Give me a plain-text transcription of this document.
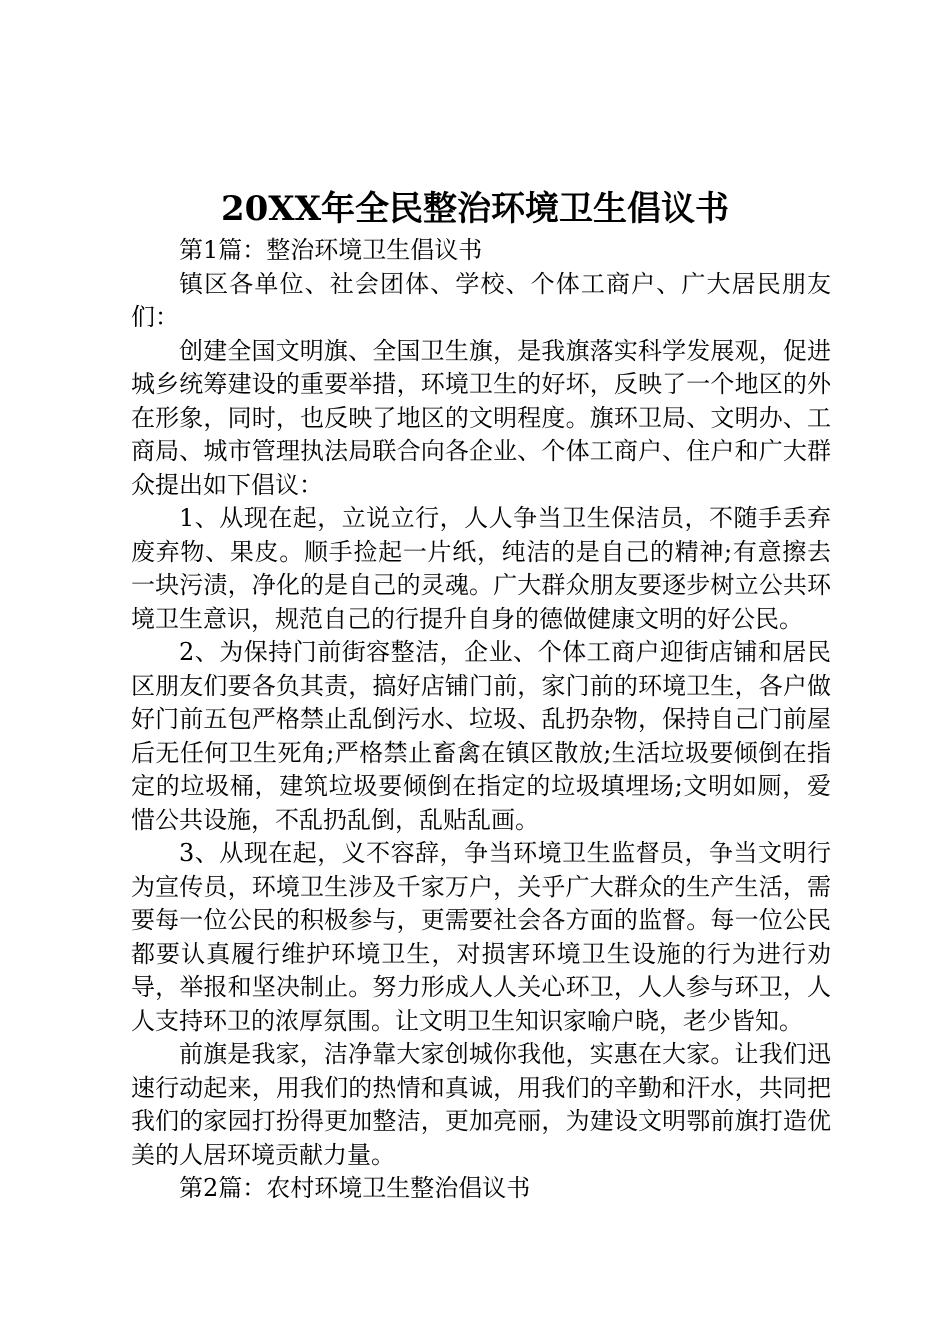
20XX年全民整治环境卫生倡议书

第1篇：整治环境卫生倡议书

镇区各单位、社会团体、学校、个体工商户、广大居民朋友们：

创建全国文明旗、全国卫生旗，是我旗落实科学发展观，促进城乡统筹建设的重要举措，环境卫生的好坏，反映了一个地区的外在形象，同时，也反映了地区的文明程度。旗环卫局、文明办、工商局、城市管理执法局联合向各企业、个体工商户、住户和广大群众提出如下倡议：

1、从现在起，立说立行，人人争当卫生保洁员，不随手丢弃废弃物、果皮。顺手捡起一片纸，纯洁的是自己的精神;有意擦去一块污渍，净化的是自己的灵魂。广大群众朋友要逐步树立公共环境卫生意识，规范自己的行提升自身的德做健康文明的好公民。

2、为保持门前街容整洁，企业、个体工商户迎街店铺和居民区朋友们要各负其责，搞好店铺门前，家门前的环境卫生，各户做好门前五包严格禁止乱倒污水、垃圾、乱扔杂物，保持自己门前屋后无任何卫生死角;严格禁止畜禽在镇区散放;生活垃圾要倾倒在指定的垃圾桶，建筑垃圾要倾倒在指定的垃圾填埋场;文明如厕，爱惜公共设施，不乱扔乱倒，乱贴乱画。

3、从现在起，义不容辞，争当环境卫生监督员，争当文明行为宣传员，环境卫生涉及千家万户，关乎广大群众的生产生活，需要每一位公民的积极参与，更需要社会各方面的监督。每一位公民都要认真履行维护环境卫生，对损害环境卫生设施的行为进行劝导，举报和坚决制止。努力形成人人关心环卫，人人参与环卫，人人支持环卫的浓厚氛围。让文明卫生知识家喻户晓，老少皆知。

前旗是我家，洁净靠大家创城你我他，实惠在大家。让我们迅速行动起来，用我们的热情和真诚，用我们的辛勤和汗水，共同把我们的家园打扮得更加整洁，更加亮丽，为建设文明鄂前旗打造优美的人居环境贡献力量。

第2篇：农村环境卫生整治倡议书
